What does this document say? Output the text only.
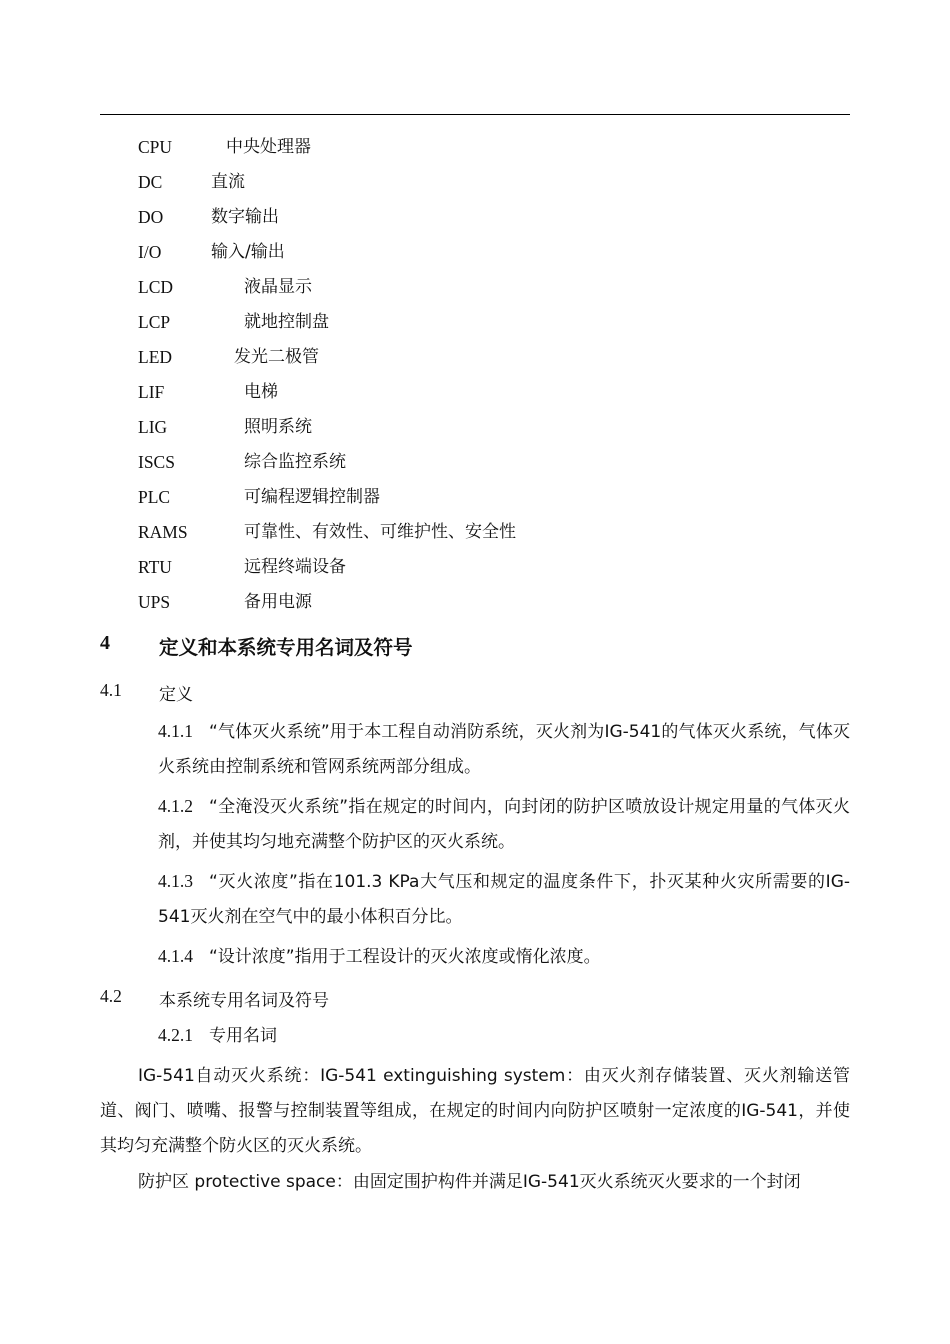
CPU	中央处理器
DC	直流
DO	数字输出
I/O	输入/输出
LCD	液晶显示
LCP	就地控制盘
LED	发光二极管
LIF	电梯
LIG	照明系统
ISCS	综合监控系统
PLC	可编程逻辑控制器
RAMS	可靠性、有效性、可维护性、安全性
RTU	远程终端设备
UPS	备用电源
4	定义和本系统专用名词及符号
4.1 定义
4.1.1 “气体灭火系统”用于本工程自动消防系统，灭火剂为IG-541的气体灭火系统，气体灭火系统由控制系统和管网系统两部分组成。
4.1.2 “全淹没灭火系统”指在规定的时间内，向封闭的防护区喷放设计规定用量的气体灭火剂，并使其均匀地充满整个防护区的灭火系统。
4.1.3 “灭火浓度”指在101.3 KPa大气压和规定的温度条件下，扑灭某种火灾所需要的IG-541灭火剂在空气中的最小体积百分比。
4.1.4 “设计浓度”指用于工程设计的灭火浓度或惰化浓度。
4.2 本系统专用名词及符号
4.2.1 专用名词
IG-541自动灭火系统：IG-541 extinguishing system：由灭火剂存储装置、灭火剂输送管道、阀门、喷嘴、报警与控制装置等组成，在规定的时间内向防护区喷射一定浓度的IG-541，并使其均匀充满整个防火区的灭火系统。
防护区 protective space：由固定围护构件并满足IG-541灭火系统灭火要求的一个封闭
